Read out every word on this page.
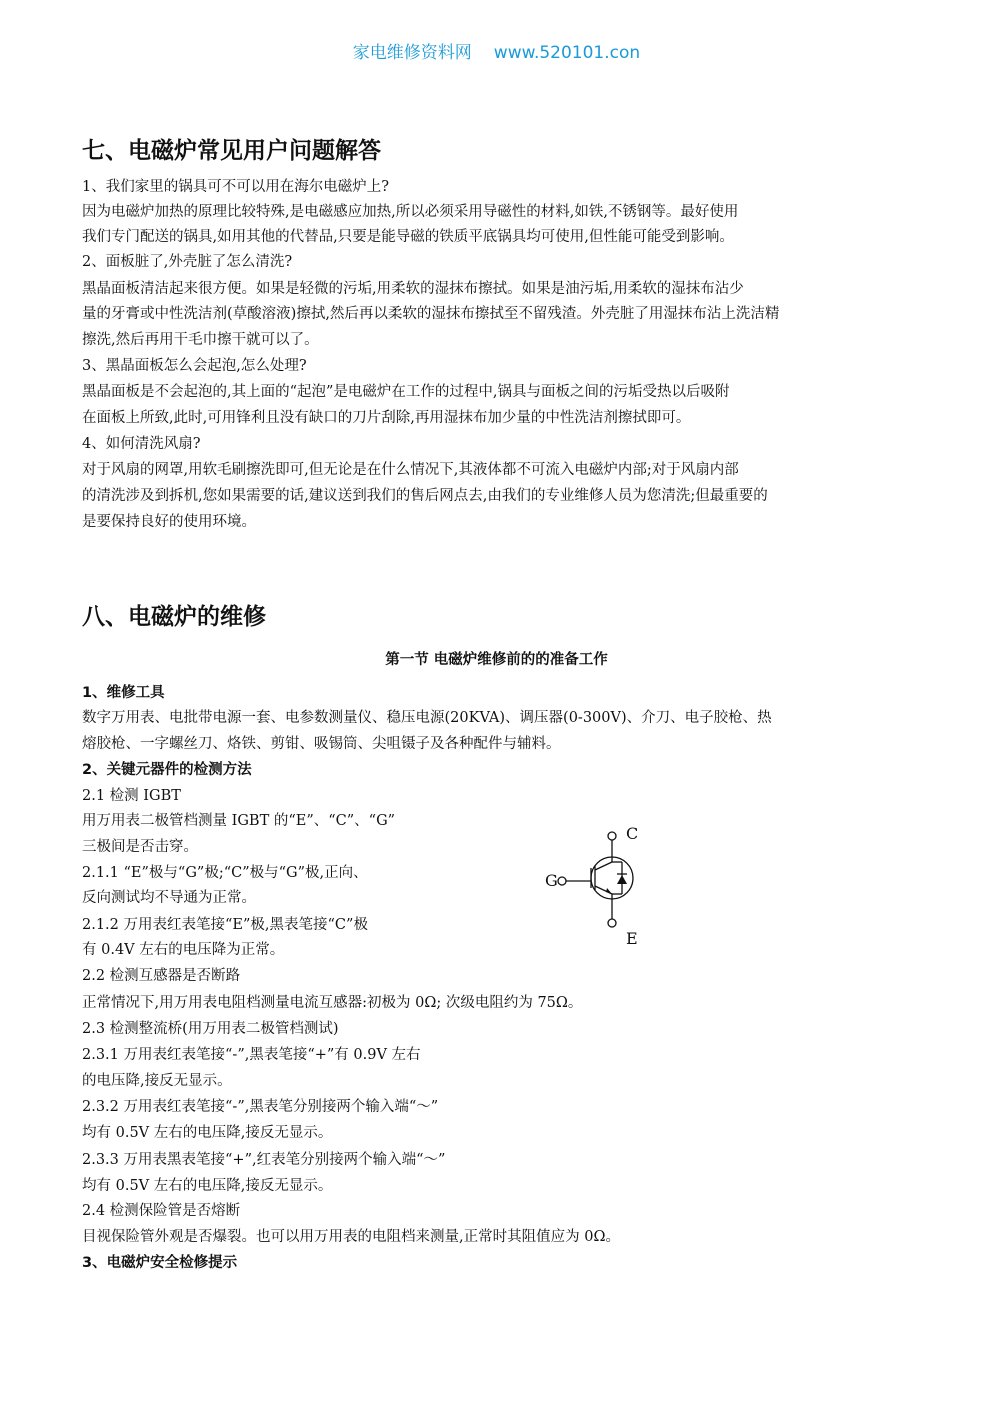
家电维修资料网 www.520101.con
七、电磁炉常见用户问题解答
1、我们家里的锅具可不可以用在海尔电磁炉上?
因为电磁炉加热的原理比较特殊,是电磁感应加热,所以必须采用导磁性的材料,如铁,不锈钢等。最好使用
我们专门配送的锅具,如用其他的代替品,只要是能导磁的铁质平底锅具均可使用,但性能可能受到影响。
2、面板脏了,外壳脏了怎么清洗?
黑晶面板清洁起来很方便。如果是轻微的污垢,用柔软的湿抹布擦拭。如果是油污垢,用柔软的湿抹布沾少
量的牙膏或中性洗洁剂(草酸溶液)擦拭,然后再以柔软的湿抹布擦拭至不留残渣。外壳脏了用湿抹布沾上洗洁精
擦洗,然后再用干毛巾擦干就可以了。
3、黑晶面板怎么会起泡,怎么处理?
黑晶面板是不会起泡的,其上面的“起泡”是电磁炉在工作的过程中,锅具与面板之间的污垢受热以后吸附
在面板上所致,此时,可用锋利且没有缺口的刀片刮除,再用湿抹布加少量的中性洗洁剂擦拭即可。
4、如何清洗风扇?
对于风扇的网罩,用软毛刷擦洗即可,但无论是在什么情况下,其液体都不可流入电磁炉内部;对于风扇内部
的清洗涉及到拆机,您如果需要的话,建议送到我们的售后网点去,由我们的专业维修人员为您清洗;但最重要的
是要保持良好的使用环境。
八、电磁炉的维修
第一节 电磁炉维修前的的准备工作
1、维修工具
数字万用表、电批带电源一套、电参数测量仪、稳压电源(20KVA)、调压器(0-300V)、介刀、电子胶枪、热
熔胶枪、一字螺丝刀、烙铁、剪钳、吸锡筒、尖咀镊子及各种配件与辅料。
2、关键元器件的检测方法
2.1 检测 IGBT
用万用表二极管档测量 IGBT 的“E”、“C”、“G”
三极间是否击穿。
2.1.1 “E”极与“G”极;“C”极与“G”极,正向、
反向测试均不导通为正常。
2.1.2 万用表红表笔接“E”极,黑表笔接“C”极
有 0.4V 左右的电压降为正常。
2.2 检测互感器是否断路
正常情况下,用万用表电阻档测量电流互感器:初极为 0Ω; 次级电阻约为 75Ω。
2.3 检测整流桥(用万用表二极管档测试)
2.3.1 万用表红表笔接“-”,黑表笔接“+”有 0.9V 左右
的电压降,接反无显示。
2.3.2 万用表红表笔接“-”,黑表笔分别接两个输入端“～”
均有 0.5V 左右的电压降,接反无显示。
2.3.3 万用表黑表笔接“+”,红表笔分别接两个输入端“～”
均有 0.5V 左右的电压降,接反无显示。
2.4 检测保险管是否熔断
目视保险管外观是否爆裂。也可以用万用表的电阻档来测量,正常时其阻值应为 0Ω。
3、电磁炉安全检修提示
C
G
E
